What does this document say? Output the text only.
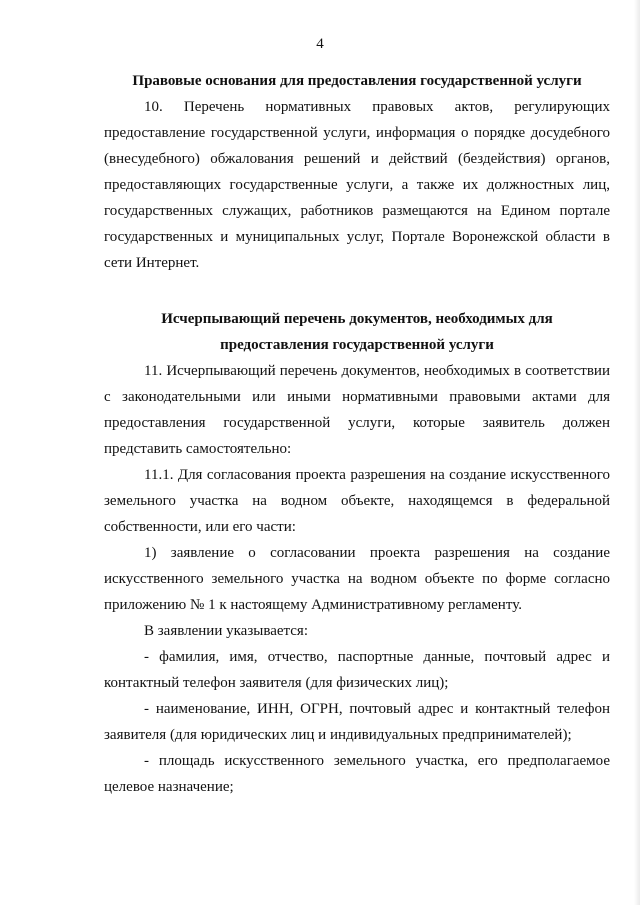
4

Правовые основания для предоставления государственной услуги

10. Перечень нормативных правовых актов, регулирующих предоставление государственной услуги, информация о порядке досудебного (внесудебного) обжалования решений и действий (бездействия) органов, предоставляющих государственные услуги, а также их должностных лиц, государственных служащих, работников размещаются на Едином портале государственных и муниципальных услуг, Портале Воронежской области в сети Интернет.

Исчерпывающий перечень документов, необходимых для

предоставления государственной услуги

11. Исчерпывающий перечень документов, необходимых в соответствии с законодательными или иными нормативными правовыми актами для предоставления государственной услуги, которые заявитель должен представить самостоятельно:

11.1. Для согласования проекта разрешения на создание искусственного земельного участка на водном объекте, находящемся в федеральной собственности, или его части:

1) заявление о согласовании проекта разрешения на создание искусственного земельного участка на водном объекте по форме согласно приложению № 1 к настоящему Административному регламенту.

В заявлении указывается:

- фамилия, имя, отчество, паспортные данные, почтовый адрес и контактный телефон заявителя (для физических лиц);

- наименование, ИНН, ОГРН, почтовый адрес и контактный телефон заявителя (для юридических лиц и индивидуальных предпринимателей);

- площадь искусственного земельного участка, его предполагаемое целевое назначение;
